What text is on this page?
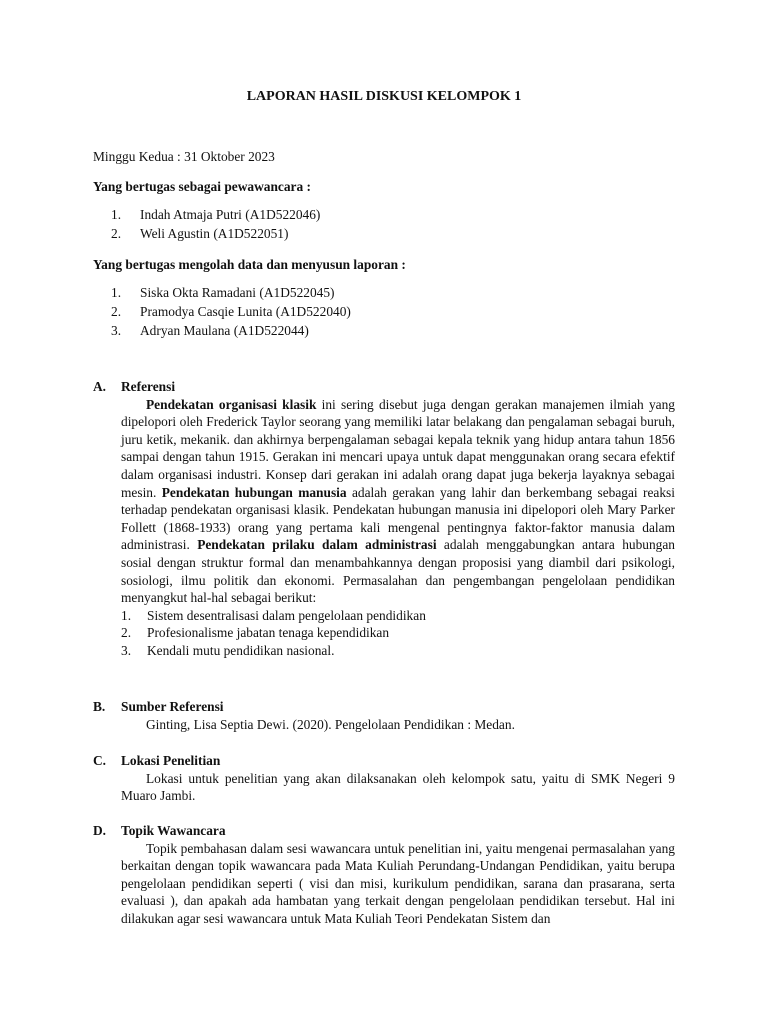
LAPORAN HASIL DISKUSI KELOMPOK 1
Minggu Kedua : 31 Oktober 2023
Yang bertugas sebagai pewawancara :
1. Indah Atmaja Putri (A1D522046)
2. Weli Agustin (A1D522051)
Yang bertugas mengolah data dan menyusun laporan :
1. Siska Okta Ramadani (A1D522045)
2. Pramodya Casqie Lunita (A1D522040)
3. Adryan Maulana (A1D522044)
A. Referensi
Pendekatan organisasi klasik ini sering disebut juga dengan gerakan manajemen ilmiah yang dipelopori oleh Frederick Taylor seorang yang memiliki latar belakang dan pengalaman sebagai buruh, juru ketik, mekanik. dan akhirnya berpengalaman sebagai kepala teknik yang hidup antara tahun 1856 sampai dengan tahun 1915. Gerakan ini mencari upaya untuk dapat menggunakan orang secara efektif dalam organisasi industri. Konsep dari gerakan ini adalah orang dapat juga bekerja layaknya sebagai mesin. Pendekatan hubungan manusia adalah gerakan yang lahir dan berkembang sebagai reaksi terhadap pendekatan organisasi klasik. Pendekatan hubungan manusia ini dipelopori oleh Mary Parker Follett (1868-1933) orang yang pertama kali mengenal pentingnya faktor-faktor manusia dalam administrasi. Pendekatan prilaku dalam administrasi adalah menggabungkan antara hubungan sosial dengan struktur formal dan menambahkannya dengan proposisi yang diambil dari psikologi, sosiologi, ilmu politik dan ekonomi. Permasalahan dan pengembangan pengelolaan pendidikan menyangkut hal-hal sebagai berikut:
1. Sistem desentralisasi dalam pengelolaan pendidikan
2. Profesionalisme jabatan tenaga kependidikan
3. Kendali mutu pendidikan nasional.
B. Sumber Referensi
Ginting, Lisa Septia Dewi. (2020). Pengelolaan Pendidikan : Medan.
C. Lokasi Penelitian
Lokasi untuk penelitian yang akan dilaksanakan oleh kelompok satu, yaitu di SMK Negeri 9 Muaro Jambi.
D. Topik Wawancara
Topik pembahasan dalam sesi wawancara untuk penelitian ini, yaitu mengenai permasalahan yang berkaitan dengan topik wawancara pada Mata Kuliah Perundang-Undangan Pendidikan, yaitu berupa pengelolaan pendidikan seperti ( visi dan misi, kurikulum pendidikan, sarana dan prasarana, serta evaluasi ), dan apakah ada hambatan yang terkait dengan pengelolaan pendidikan tersebut. Hal ini dilakukan agar sesi wawancara untuk Mata Kuliah Teori Pendekatan Sistem dan
